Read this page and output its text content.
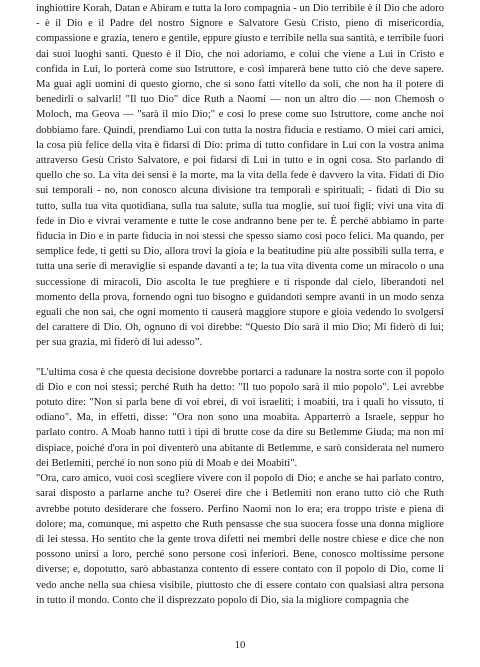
inghiottire Korah, Datan e Abiram e tutta la loro compagnia - un Dio terribile è il Dio che adoro - è il Dio e il Padre del nostro Signore e Salvatore Gesù Cristo, pieno di misericordia, compassione e grazia, tenero e gentile, eppure giusto e terribile nella sua santità, e terribile fuori dai suoi luoghi santi. Questo è il Dio, che noi adoriamo, e colui che viene a Lui in Cristo e confida in Lui, lo porterà come suo Istruttore, e così imparerà bene tutto ciò che deve sapere. Ma guai agli uomini di questo giorno, che si sono fatti vitello da soli, che non ha il potere di benedirli o salvarli! "Il tuo Dio" dice Ruth a Naomi — non un altro dio — non Chemosh o Moloch, ma Geova — "sarà il mio Dio;" e così lo prese come suo Istruttore, come anche noi dobbiamo fare. Quindi, prendiamo Lui con tutta la nostra fiducia e restiamo. O miei cari amici, la cosa più felice della vita è fidarsi di Dio: prima di tutto confidare in Lui con la vostra anima attraverso Gesù Cristo Salvatore, e poi fidarsi di Lui in tutto e in ogni cosa. Sto parlando di quello che so. La vita dei sensi è la morte, ma la vita della fede è davvero la vita. Fidati di Dio sui temporali - no, non conosco alcuna divisione tra temporali e spirituali; - fidati di Dio su tutto, sulla tua vita quotidiana, sulla tua salute, sulla tua moglie, sui tuoi figli; vivi una vita di fede in Dio e vivrai veramente e tutte le cose andranno bene per te. È perché abbiamo in parte fiducia in Dio e in parte fiducia in noi stessi che spesso siamo così poco felici. Ma quando, per semplice fede, ti getti su Dio, allora trovi la gioia e la beatitudine più alte possibili sulla terra, e tutta una serie di meraviglie si espande davanti a te; la tua vita diventa come un miracolo o una successione di miracoli, Dio ascolta le tue preghiere e ti risponde dal cielo, liberandoti nel momento della prova, fornendo ogni tuo bisogno e guidandoti sempre avanti in un modo senza eguali che non sai, che ogni momento ti causerà maggiore stupore e gioia vedendo lo svolgersi del carattere di Dio. Oh, ognuno di voi direbbe: “Questo Dio sarà il mio Dio; Mi fiderò di lui; per sua grazia, mi fiderò di lui adesso”.

"L'ultima cosa è che questa decisione dovrebbe portarci a radunare la nostra sorte con il popolo di Dio e con noi stessi; perché Ruth ha detto: "Il tuo popolo sarà il mio popolo". Lei avrebbe potuto dire: "Non si parla bene di voi ebrei, di voi israeliti; i moabiti, tra i quali ho vissuto, ti odiano". Ma, in effetti, disse: "Ora non sono una moabita. Apparterrò a Israele, seppur ho parlato contro. A Moab hanno tutti i tipi di brutte cose da dire su Betlemme Giuda; ma non mi dispiace, poiché d'ora in poi diventerò una abitante di Betlemme, e sarò considerata nel numero dei Betlemiti, perché io non sono più di Moab e dei Moabiti".

"Ora, caro amico, vuoi così scegliere vivere con il popolo di Dio; e anche se hai parlato contro, sarai disposto a parlarne anche tu? Oserei dire che i Betlemiti non erano tutto ciò che Ruth avrebbe potuto desiderare che fossero. Perfino Naomi non lo era; era troppo triste e piena di dolore; ma, comunque, mi aspetto che Ruth pensasse che sua suocera fosse una donna migliore di lei stessa. Ho sentito che la gente trova difetti nei membri delle nostre chiese e dice che non possono unirsi a loro, perché sono persone così inferiori. Bene, conosco moltissime persone diverse; e, dopotutto, sarò abbastanza contento di essere contato con il popolo di Dio, come li vedo anche nella sua chiesa visibile, piuttosto che di essere contato con qualsiasi altra persona in tutto il mondo. Conto che il disprezzato popolo di Dio, sia la migliore compagnia che

10
